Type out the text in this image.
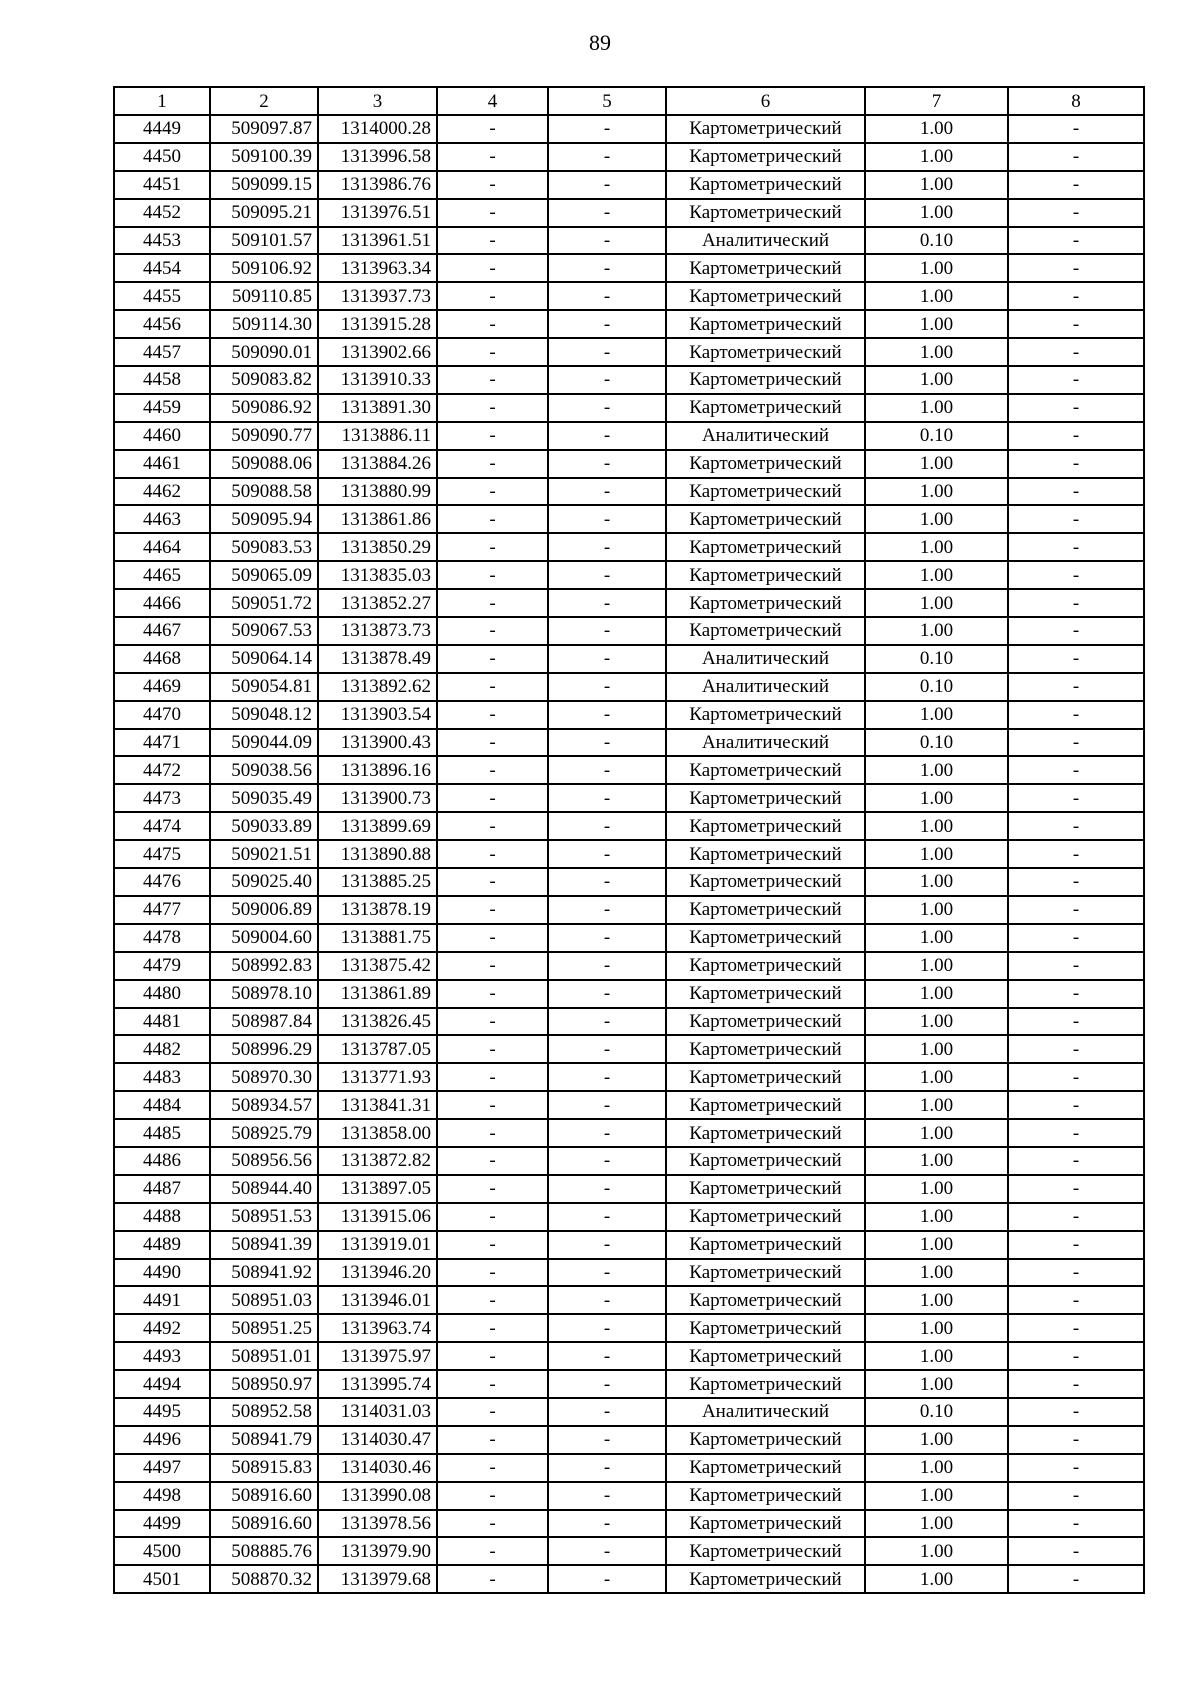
89
1	2	3	4	5	6	7	8
4449	509097.87	1314000.28	-	-	Картометрический	1.00	-
4450	509100.39	1313996.58	-	-	Картометрический	1.00	-
4451	509099.15	1313986.76	-	-	Картометрический	1.00	-
4452	509095.21	1313976.51	-	-	Картометрический	1.00	-
4453	509101.57	1313961.51	-	-	Аналитический	0.10	-
4454	509106.92	1313963.34	-	-	Картометрический	1.00	-
4455	509110.85	1313937.73	-	-	Картометрический	1.00	-
4456	509114.30	1313915.28	-	-	Картометрический	1.00	-
4457	509090.01	1313902.66	-	-	Картометрический	1.00	-
4458	509083.82	1313910.33	-	-	Картометрический	1.00	-
4459	509086.92	1313891.30	-	-	Картометрический	1.00	-
4460	509090.77	1313886.11	-	-	Аналитический	0.10	-
4461	509088.06	1313884.26	-	-	Картометрический	1.00	-
4462	509088.58	1313880.99	-	-	Картометрический	1.00	-
4463	509095.94	1313861.86	-	-	Картометрический	1.00	-
4464	509083.53	1313850.29	-	-	Картометрический	1.00	-
4465	509065.09	1313835.03	-	-	Картометрический	1.00	-
4466	509051.72	1313852.27	-	-	Картометрический	1.00	-
4467	509067.53	1313873.73	-	-	Картометрический	1.00	-
4468	509064.14	1313878.49	-	-	Аналитический	0.10	-
4469	509054.81	1313892.62	-	-	Аналитический	0.10	-
4470	509048.12	1313903.54	-	-	Картометрический	1.00	-
4471	509044.09	1313900.43	-	-	Аналитический	0.10	-
4472	509038.56	1313896.16	-	-	Картометрический	1.00	-
4473	509035.49	1313900.73	-	-	Картометрический	1.00	-
4474	509033.89	1313899.69	-	-	Картометрический	1.00	-
4475	509021.51	1313890.88	-	-	Картометрический	1.00	-
4476	509025.40	1313885.25	-	-	Картометрический	1.00	-
4477	509006.89	1313878.19	-	-	Картометрический	1.00	-
4478	509004.60	1313881.75	-	-	Картометрический	1.00	-
4479	508992.83	1313875.42	-	-	Картометрический	1.00	-
4480	508978.10	1313861.89	-	-	Картометрический	1.00	-
4481	508987.84	1313826.45	-	-	Картометрический	1.00	-
4482	508996.29	1313787.05	-	-	Картометрический	1.00	-
4483	508970.30	1313771.93	-	-	Картометрический	1.00	-
4484	508934.57	1313841.31	-	-	Картометрический	1.00	-
4485	508925.79	1313858.00	-	-	Картометрический	1.00	-
4486	508956.56	1313872.82	-	-	Картометрический	1.00	-
4487	508944.40	1313897.05	-	-	Картометрический	1.00	-
4488	508951.53	1313915.06	-	-	Картометрический	1.00	-
4489	508941.39	1313919.01	-	-	Картометрический	1.00	-
4490	508941.92	1313946.20	-	-	Картометрический	1.00	-
4491	508951.03	1313946.01	-	-	Картометрический	1.00	-
4492	508951.25	1313963.74	-	-	Картометрический	1.00	-
4493	508951.01	1313975.97	-	-	Картометрический	1.00	-
4494	508950.97	1313995.74	-	-	Картометрический	1.00	-
4495	508952.58	1314031.03	-	-	Аналитический	0.10	-
4496	508941.79	1314030.47	-	-	Картометрический	1.00	-
4497	508915.83	1314030.46	-	-	Картометрический	1.00	-
4498	508916.60	1313990.08	-	-	Картометрический	1.00	-
4499	508916.60	1313978.56	-	-	Картометрический	1.00	-
4500	508885.76	1313979.90	-	-	Картометрический	1.00	-
4501	508870.32	1313979.68	-	-	Картометрический	1.00	-
